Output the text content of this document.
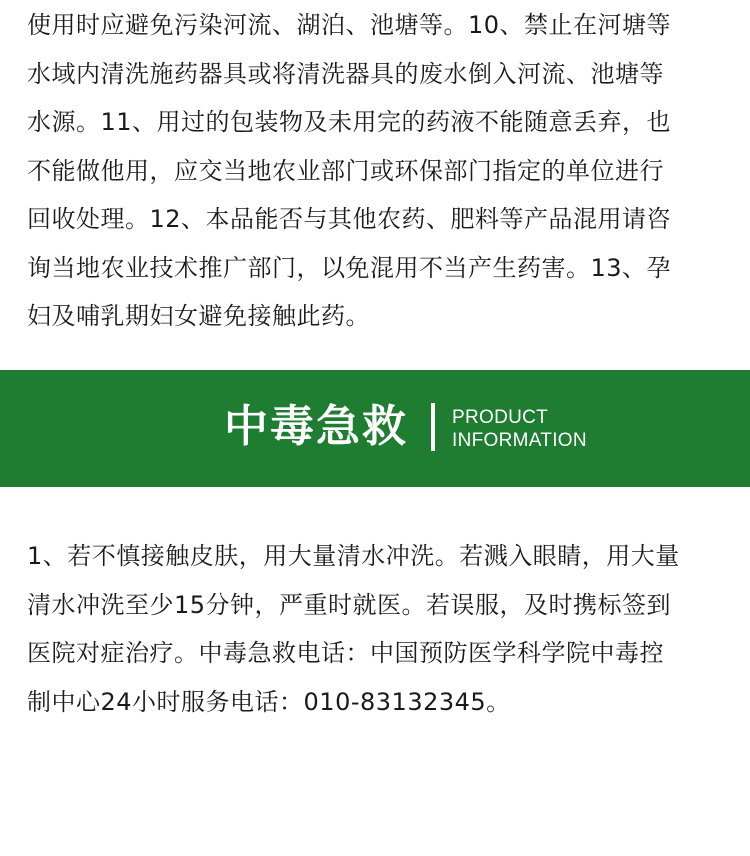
使用时应避免污染河流、湖泊、池塘等。10、禁止在河塘等
水域内清洗施药器具或将清洗器具的废水倒入河流、池塘等
水源。11、用过的包装物及未用完的药液不能随意丢弃，也
不能做他用，应交当地农业部门或环保部门指定的单位进行
回收处理。12、本品能否与其他农药、肥料等产品混用请咨
询当地农业技术推广部门，以免混用不当产生药害。13、孕
妇及哺乳期妇女避免接触此药。

中毒急救 PRODUCT
INFORMATION

1、若不慎接触皮肤，用大量清水冲洗。若溅入眼睛，用大量
清水冲洗至少15分钟，严重时就医。若误服，及时携标签到
医院对症治疗。中毒急救电话：中国预防医学科学院中毒控
制中心24小时服务电话：010-83132345。
